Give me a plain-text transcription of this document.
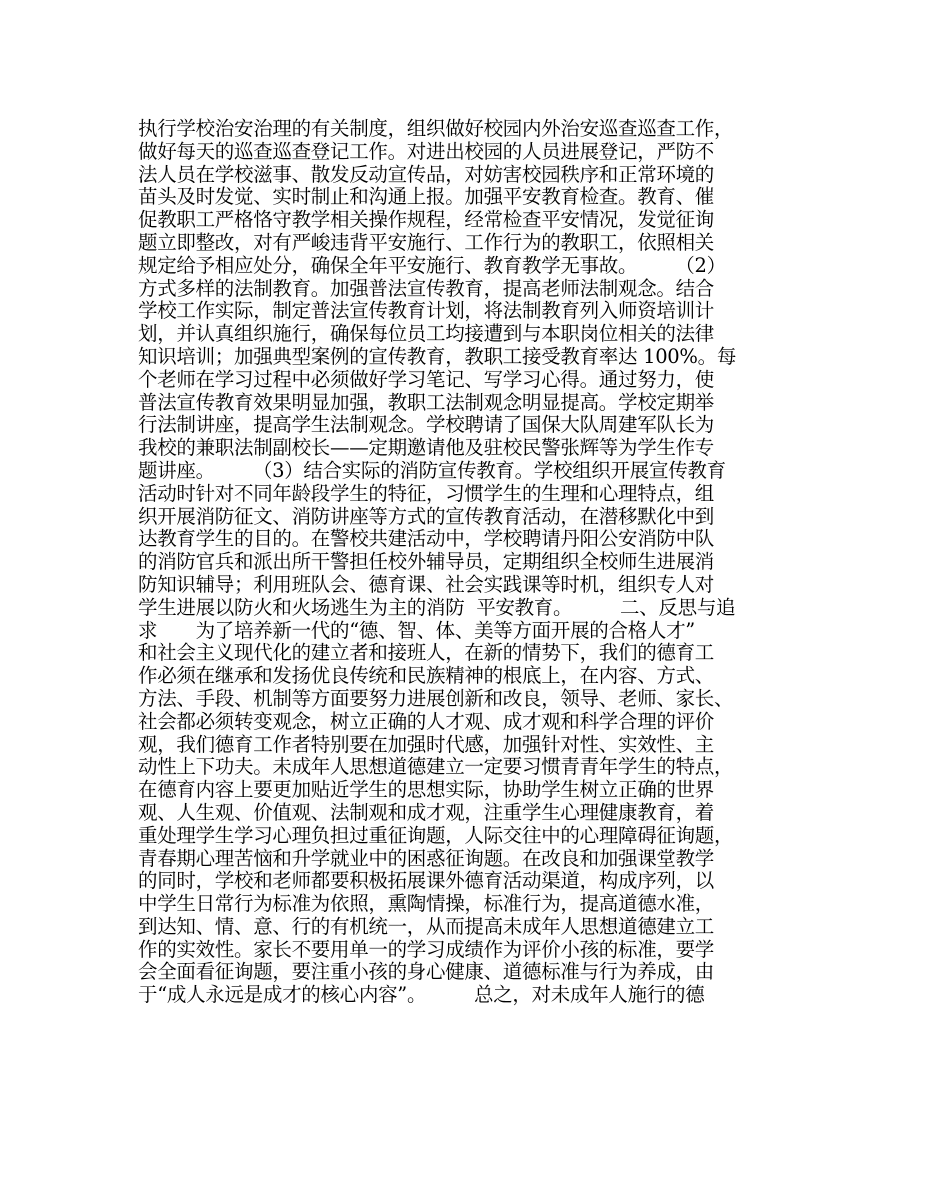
执行学校治安治理的有关制度，组织做好校园内外治安巡查巡查工作，
做好每天的巡查巡查登记工作。对进出校园的人员进展登记，严防不
法人员在学校滋事、散发反动宣传品，对妨害校园秩序和正常环境的
苗头及时发觉、实时制止和沟通上报。加强平安教育检查。教育、催
促教职工严格恪守教学相关操作规程，经常检查平安情况，发觉征询
题立即整改，对有严峻违背平安施行、工作行为的教职工，依照相关
规定给予相应处分，确保全年平安施行、教育教学无事故。　　　（2）
方式多样的法制教育。加强普法宣传教育，提高老师法制观念。结合
学校工作实际，制定普法宣传教育计划，将法制教育列入师资培训计
划，并认真组织施行，确保每位员工均接遭到与本职岗位相关的法律
知识培训；加强典型案例的宣传教育，教职工接受教育率达 100%。每
个老师在学习过程中必须做好学习笔记、写学习心得。通过努力，使
普法宣传教育效果明显加强，教职工法制观念明显提高。学校定期举
行法制讲座，提高学生法制观念。学校聘请了国保大队周建军队长为
我校的兼职法制副校长——定期邀请他及驻校民警张辉等为学生作专
题讲座。　　　（3）结合实际的消防宣传教育。学校组织开展宣传教育
活动时针对不同年龄段学生的特征，习惯学生的生理和心理特点，组
织开展消防征文、消防讲座等方式的宣传教育活动，在潜移默化中到
达教育学生的目的。在警校共建活动中，学校聘请丹阳公安消防中队
的消防官兵和派出所干警担任校外辅导员，定期组织全校师生进展消
防知识辅导；利用班队会、德育课、社会实践课等时机，组织专人对
学生进展以防火和火场逃生为主的消防  平安教育。　　　二、反思与追
求　　为了培养新一代的“德、智、体、美等方面开展的合格人才”
和社会主义现代化的建立者和接班人，在新的情势下，我们的德育工
作必须在继承和发扬优良传统和民族精神的根底上，在内容、方式、
方法、手段、机制等方面要努力进展创新和改良，领导、老师、家长、
社会都必须转变观念，树立正确的人才观、成才观和科学合理的评价
观，我们德育工作者特别要在加强时代感，加强针对性、实效性、主
动性上下功夫。未成年人思想道德建立一定要习惯青青年学生的特点，
在德育内容上要更加贴近学生的思想实际，协助学生树立正确的世界
观、人生观、价值观、法制观和成才观，注重学生心理健康教育，着
重处理学生学习心理负担过重征询题，人际交往中的心理障碍征询题，
青春期心理苦恼和升学就业中的困惑征询题。在改良和加强课堂教学
的同时，学校和老师都要积极拓展课外德育活动渠道，构成序列，以
中学生日常行为标准为依照，熏陶情操，标准行为，提高道德水准，
到达知、情、意、行的有机统一，从而提高未成年人思想道德建立工
作的实效性。家长不要用单一的学习成绩作为评价小孩的标准，要学
会全面看征询题，要注重小孩的身心健康、道德标准与行为养成，由
于“成人永远是成才的核心内容”。　　　总之，对未成年人施行的德
